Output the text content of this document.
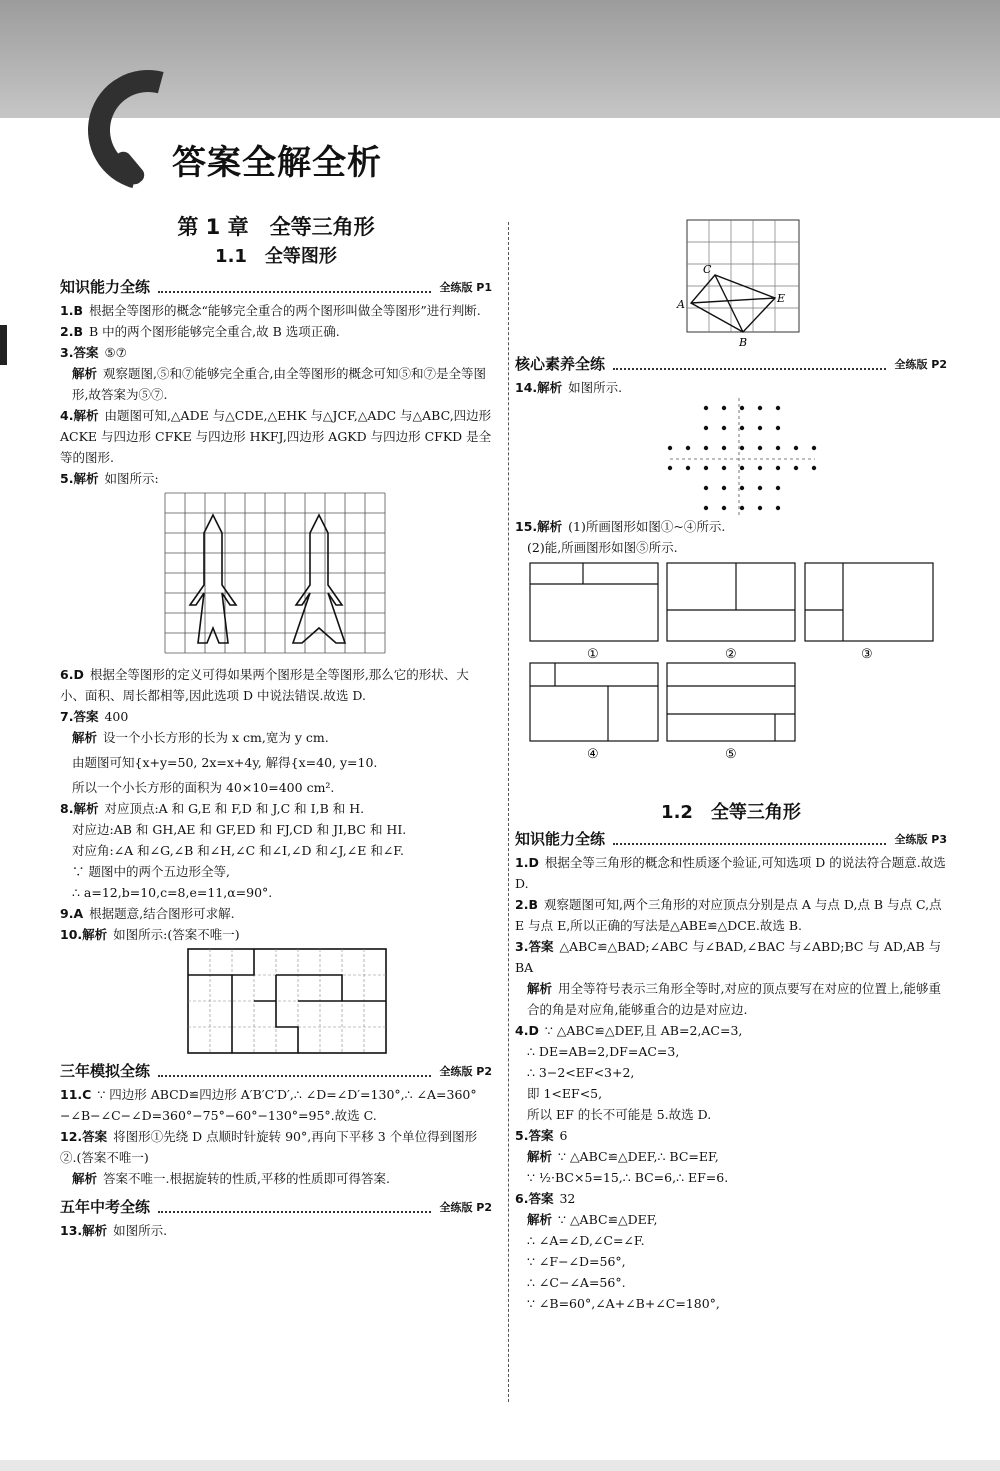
答案全解全析

第 1 章　全等三角形

1.1　全等图形

知识能力全练	全练版 P1

1.B 根据全等图形的概念“能够完全重合的两个图形叫做全等图形”进行判断.

2.B B 中的两个图形能够完全重合,故 B 选项正确.

3.答案 ⑤⑦

解析 观察题图,⑤和⑦能够完全重合,由全等图形的概念可知⑤和⑦是全等图形,故答案为⑤⑦.

4.解析 由题图可知,△ADE 与△CDE,△EHK 与△JCF,△ADC 与△ABC,四边形 ACKE 与四边形 CFKE 与四边形 HKFJ,四边形 AGKD 与四边形 CFKD 是全等的图形.

5.解析 如图所示:

6.D 根据全等图形的定义可得如果两个图形是全等图形,那么它的形状、大小、面积、周长都相等,因此选项 D 中说法错误.故选 D.

7.答案 400

解析 设一个小长方形的长为 x cm,宽为 y cm.

由题图可知{x+y=50, 2x=x+4y, 解得{x=40, y=10.

所以一个小长方形的面积为 40×10=400 cm².

8.解析 对应顶点:A 和 G,E 和 F,D 和 J,C 和 I,B 和 H.

对应边:AB 和 GH,AE 和 GF,ED 和 FJ,CD 和 JI,BC 和 HI.

对应角:∠A 和∠G,∠B 和∠H,∠C 和∠I,∠D 和∠J,∠E 和∠F.

∵ 题图中的两个五边形全等,

∴ a=12,b=10,c=8,e=11,α=90°.

9.A 根据题意,结合图形可求解.

10.解析 如图所示:(答案不唯一)

三年模拟全练	全练版 P2

11.C ∵ 四边形 ABCD≌四边形 A′B′C′D′,∴ ∠D=∠D′=130°,∴ ∠A=360°−∠B−∠C−∠D=360°−75°−60°−130°=95°.故选 C.

12.答案 将图形①先绕 D 点顺时针旋转 90°,再向下平移 3 个单位得到图形②.(答案不唯一)

解析 答案不唯一.根据旋转的性质,平移的性质即可得答案.

五年中考全练	全练版 P2

13.解析 如图所示.

C
A	E
B
核心素养全练	全练版 P2

14.解析 如图所示.

15.解析 (1)所画图形如图①~④所示.

(2)能,所画图形如图⑤所示.

①	②	③
④	⑤

1.2　全等三角形

知识能力全练	全练版 P3

1.D 根据全等三角形的概念和性质逐个验证,可知选项 D 的说法符合题意.故选 D.

2.B 观察题图可知,两个三角形的对应顶点分别是点 A 与点 D,点 B 与点 C,点 E 与点 E,所以正确的写法是△ABE≌△DCE.故选 B.

3.答案 △ABC≌△BAD;∠ABC 与∠BAD,∠BAC 与∠ABD;BC 与 AD,AB 与 BA

解析 用全等符号表示三角形全等时,对应的顶点要写在对应的位置上,能够重合的角是对应角,能够重合的边是对应边.

4.D ∵ △ABC≌△DEF,且 AB=2,AC=3,

∴ DE=AB=2,DF=AC=3,

∴ 3−2<EF<3+2,

即 1<EF<5,

所以 EF 的长不可能是 5.故选 D.

5.答案 6

解析 ∵ △ABC≌△DEF,∴ BC=EF,

∵ ½·BC×5=15,∴ BC=6,∴ EF=6.

6.答案 32

解析 ∵ △ABC≌△DEF,

∴ ∠A=∠D,∠C=∠F.

∵ ∠F−∠D=56°,

∴ ∠C−∠A=56°.

∵ ∠B=60°,∠A+∠B+∠C=180°,
